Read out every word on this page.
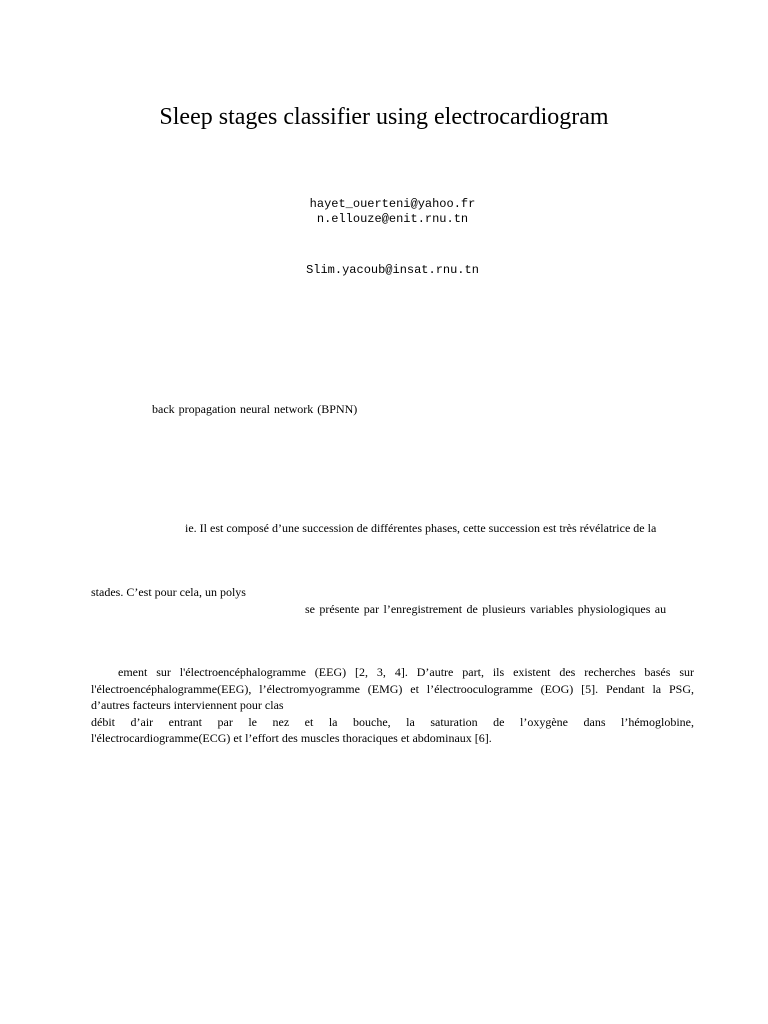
Sleep stages classifier using electrocardiogram
hayet_ouerteni@yahoo.fr
n.ellouze@enit.rnu.tn
Slim.yacoub@insat.rnu.tn
back propagation neural network (BPNN)
ie. Il est composé d’une succession de différentes phases, cette succession est très révélatrice de la
stades. C’est pour cela, un polys
se présente par l’enregistrement de plusieurs variables physiologiques au
ement sur l'électroencéphalogramme (EEG) [2, 3, 4]. D’autre part, ils existent des recherches basés sur
l'électroencéphalogramme(EEG), l’électromyogramme (EMG) et l’électrooculogramme (EOG) [5]. Pendant la PSG,
d’autres facteurs interviennent pour clas
débit d’air entrant par le nez et la bouche, la saturation de l’oxygène dans l’hémoglobine,
l'électrocardiogramme(ECG) et l’effort des muscles thoraciques et abdominaux [6].
